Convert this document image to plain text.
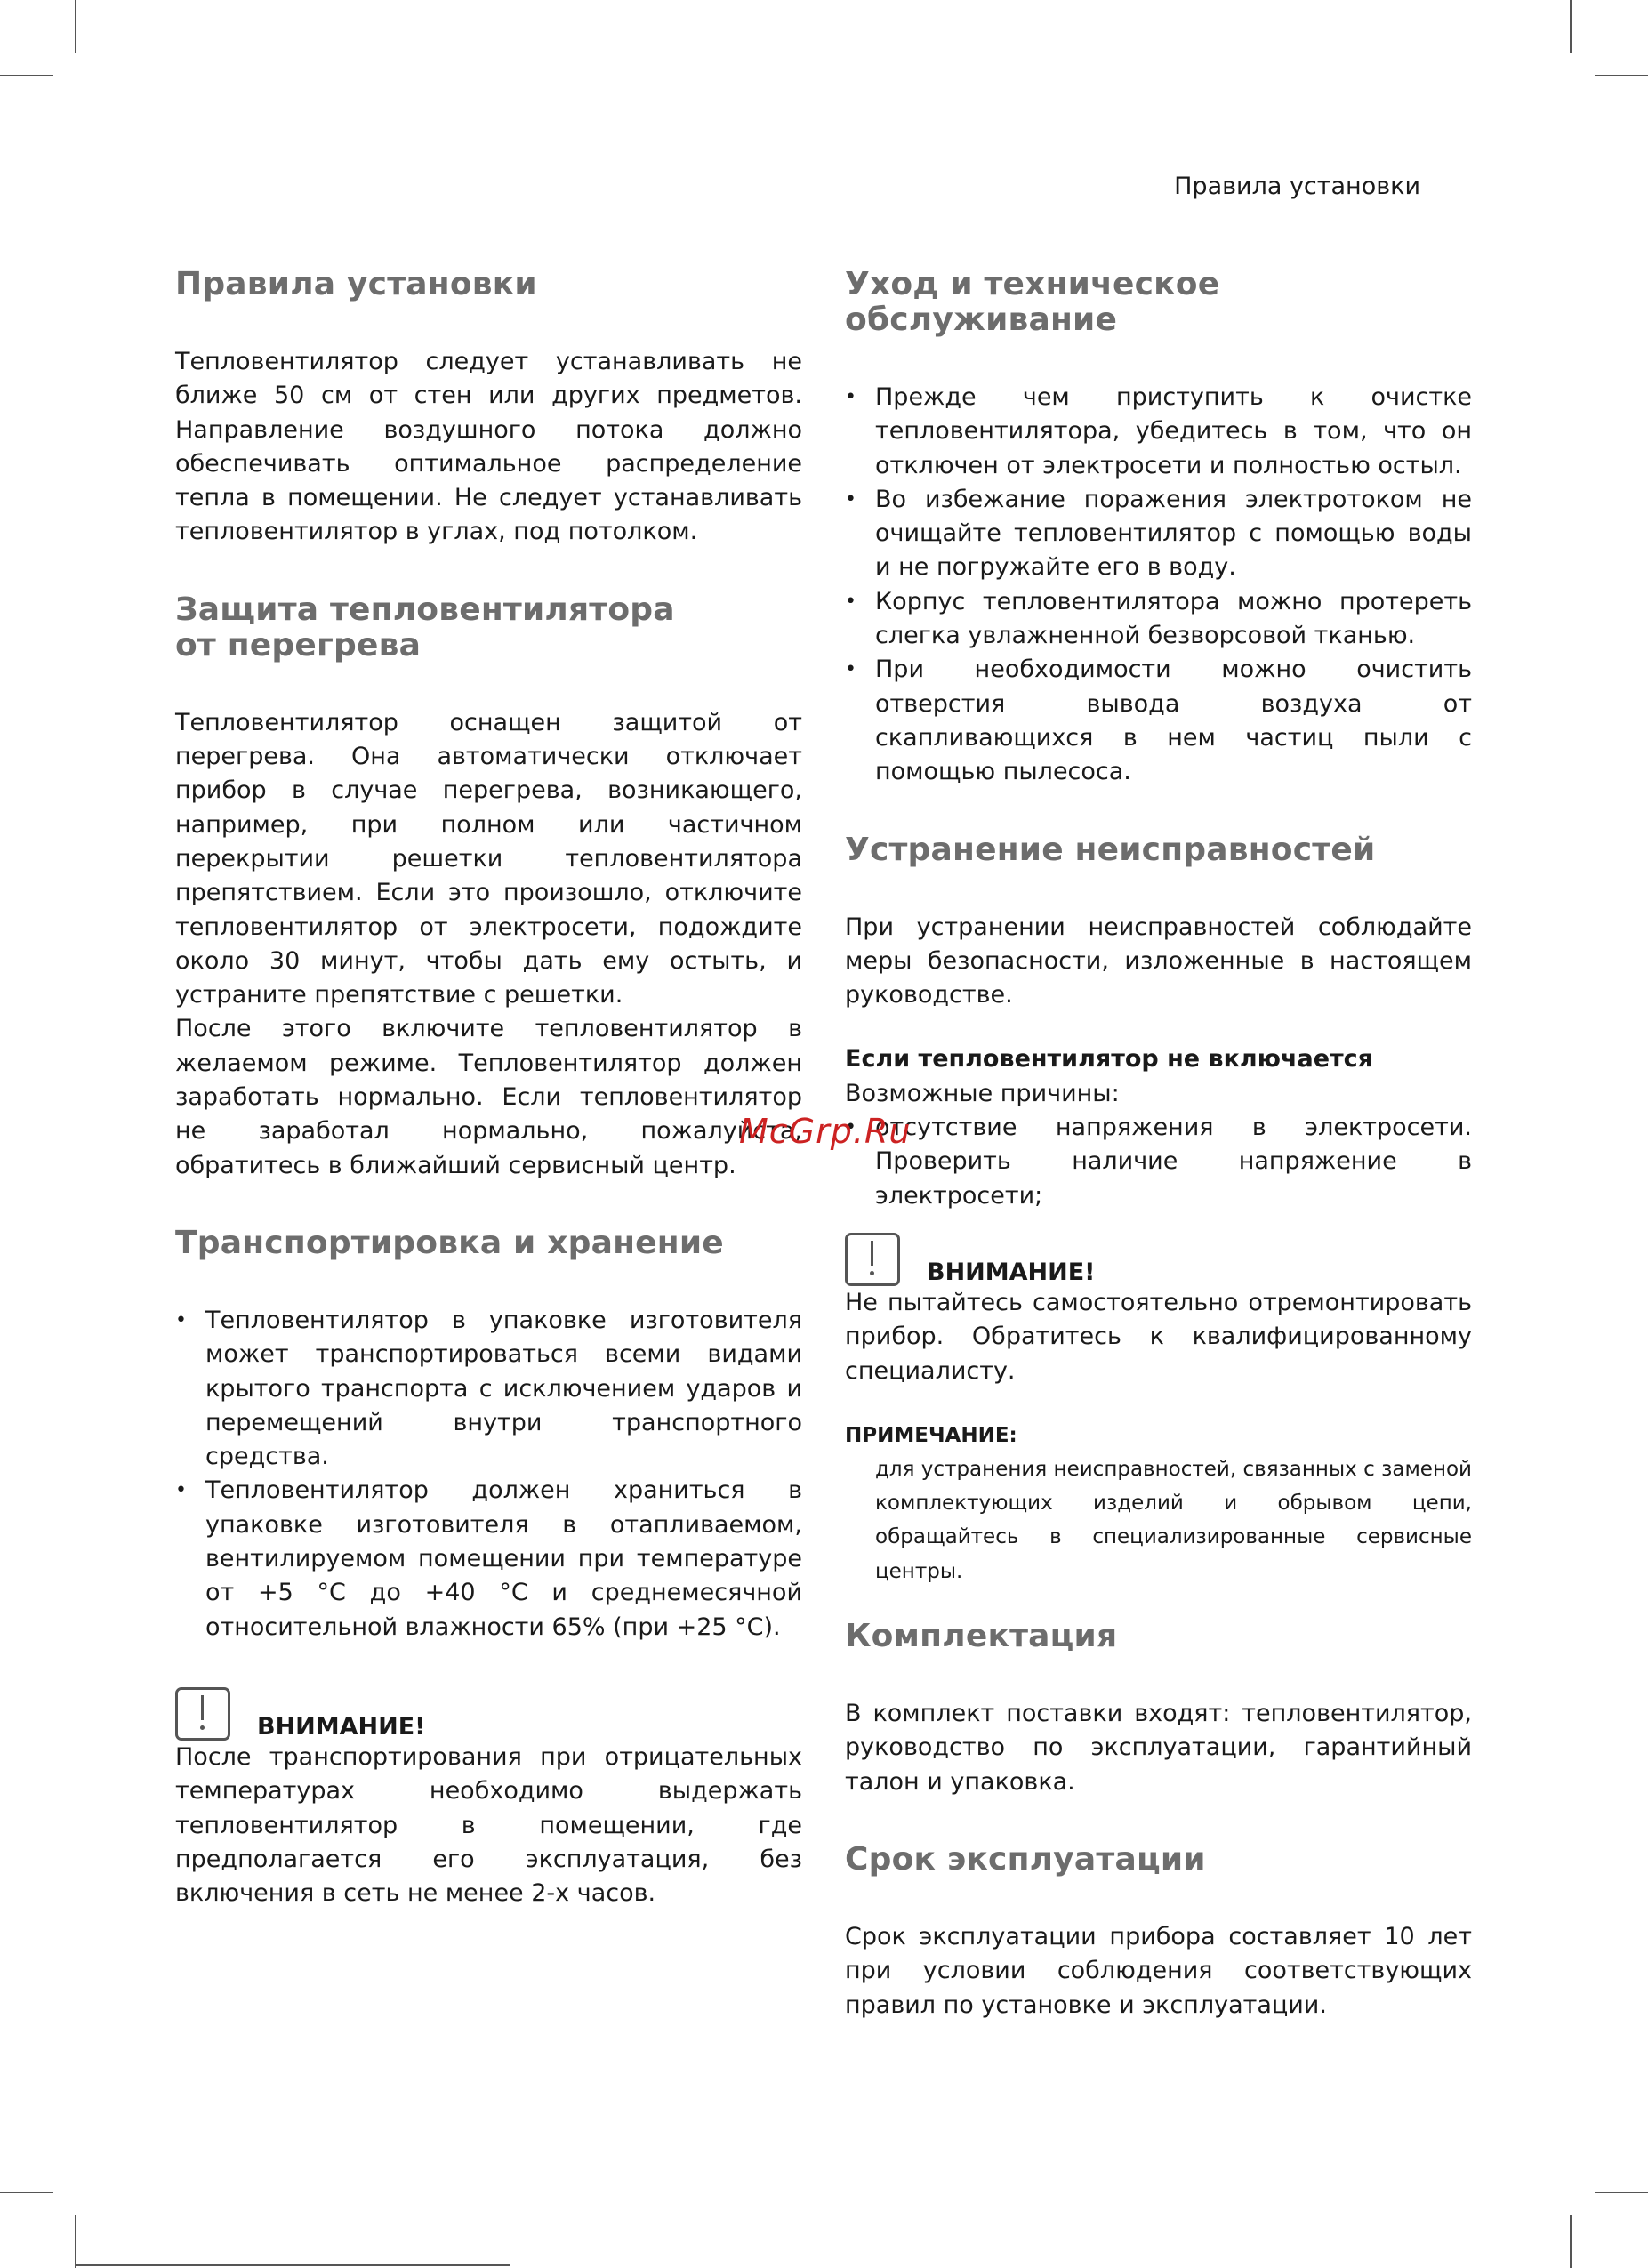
Правила установки
Правила установки

Тепловентилятор следует устанавливать не ближе 50 см от стен или других предметов. Направление воздушного потока должно обеспечивать оптимальное распределение тепла в помещении. Не следует устанавливать тепловентилятор в углах, под потолком.

Защита тепловентилятора
от перегрева

Тепловентилятор оснащен защитой от перегрева. Она автоматически отключает прибор в случае перегрева, возникающего, например, при полном или частичном перекрытии решетки тепловентилятора препятствием. Если это произошло, отключите тепловентилятор от электросети, подождите около 30 минут, чтобы дать ему остыть, и устраните препятствие с решетки.

После этого включите тепловентилятор в желаемом режиме. Тепловентилятор должен заработать нормально. Если тепловентилятор не заработал нормально, пожалуйста, обратитесь в ближайший сервисный центр.

Транспортировка и хранение
• Тепловентилятор в упаковке изготовителя может транспортироваться всеми видами крытого транспорта с исключением ударов и перемещений внутри транспортного средства.
• Тепловентилятор должен храниться в упаковке изготовителя в отапливаемом, вентилируемом помещении при температуре от +5 °С до +40 °С и среднемесячной относительной влажности 65% (при +25 °С).
ВНИМАНИЕ!

После транспортирования при отрицательных температурах необходимо выдержать тепловентилятор в помещении, где предполагается его эксплуатация, без включения в сеть не менее 2-х часов.

Уход и техническое обслуживание
• Прежде чем приступить к очистке тепловентилятора, убедитесь в том, что он отключен от электросети и полностью остыл.
• Во избежание поражения электротоком не очищайте тепловентилятор с помощью воды и не погружайте его в воду.
• Корпус тепловентилятора можно протереть слегка увлажненной безворсовой тканью.
• При необходимости можно очистить отверстия вывода воздуха от скапливающихся в нем частиц пыли с помощью пылесоса.
Устранение неисправностей

При устранении неисправностей соблюдайте меры безопасности, изложенные в настоящем руководстве.

Если тепловентилятор не включается

Возможные причины:

• отсутствие напряжения в электросети. Проверить наличие напряжение в электросети;
ВНИМАНИЕ!

Не пытайтесь самостоятельно отремонтировать прибор. Обратитесь к квалифицированному специалисту.

ПРИМЕЧАНИЕ:

для устранения неисправностей, связанных с заменой комплектующих изделий и обрывом цепи, обращайтесь в специализированные сервисные центры.

Комплектация

В комплект поставки входят: тепловентилятор, руководство по эксплуатации, гарантийный талон и упаковка.

Срок эксплуатации

Срок эксплуатации прибора составляет 10 лет при условии соблюдения соответствующих правил по установке и эксплуатации.

McGrp.Ru
